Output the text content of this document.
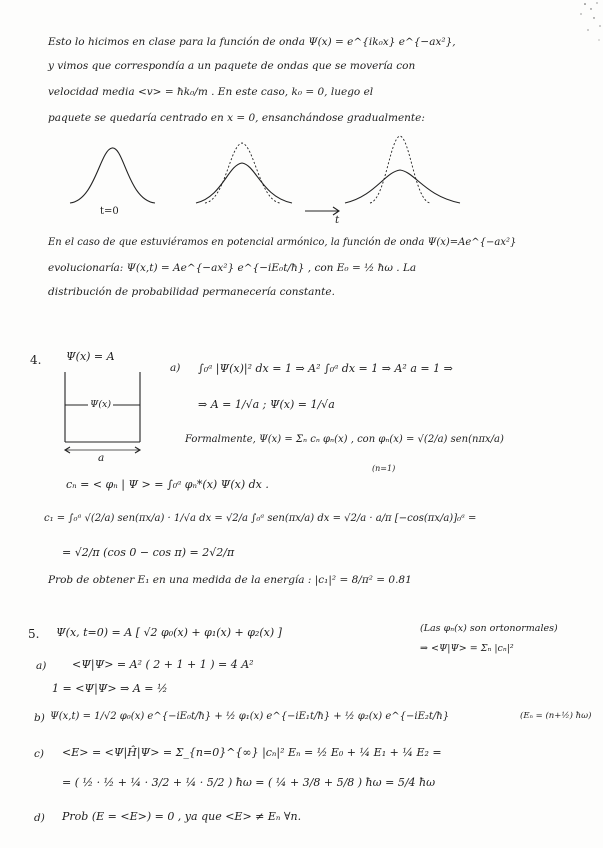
Esto lo hicimos en clase para la función de onda Ψ(x) = e^{ik₀x} e^{−ax²},
y vimos que correspondía a un paquete de ondas que se movería con
velocidad media <v> = ħk₀/m . En este caso, k₀ = 0, luego el
paquete se quedaría centrado en x = 0, ensanchándose gradualmente:
t=0
t
En el caso de que estuviéramos en potencial armónico, la función de onda Ψ(x)=Ae^{−ax²}
evolucionaría: Ψ(x,t) = Ae^{−ax²} e^{−iE₀t/ħ} , con E₀ = ½ ħω . La
distribución de probabilidad permanecería constante.
4. Ψ(x) = A
Ψ(x)
a
a) ∫₀ᵃ |Ψ(x)|² dx = 1 ⇒ A² ∫₀ᵃ dx = 1 ⇒ A² a = 1 ⇒
⇒ A = 1/√a ; Ψ(x) = 1/√a
Formalmente, Ψ(x) = Σₙ cₙ φₙ(x) , con φₙ(x) = √(2/a) sen(nπx/a)
cₙ = < φₙ | Ψ > = ∫₀ᵃ φₙ*(x) Ψ(x) dx .
(n=1)
c₁ = ∫₀ᵃ √(2/a) sen(πx/a) · 1/√a dx = √2/a ∫₀ᵃ sen(πx/a) dx = √2/a · a/π [−cos(πx/a)]₀ᵃ =
= √2/π (cos 0 − cos π) = 2√2/π
Prob de obtener E₁ en una medida de la energía : |c₁|² = 8/π² = 0.81
5. Ψ(x, t=0) = A [ √2 φ₀(x) + φ₁(x) + φ₂(x) ]	(Las φₙ(x) son ortonormales)
⇒ <Ψ|Ψ> = Σₙ |cₙ|²
a) <Ψ|Ψ> = A² ( 2 + 1 + 1 ) = 4 A²
1 = <Ψ|Ψ> ⇒ A = ½
b) Ψ(x,t) = 1/√2 φ₀(x) e^{−iE₀t/ħ} + ½ φ₁(x) e^{−iE₁t/ħ} + ½ φ₂(x) e^{−iE₂t/ħ}	(Eₙ = (n+½) ħω)
c) <E> = <Ψ|Ĥ|Ψ> = Σ_{n=0}^{∞} |cₙ|² Eₙ = ½ E₀ + ¼ E₁ + ¼ E₂ =
= ( ½ · ½ + ¼ · 3/2 + ¼ · 5/2 ) ħω = ( ¼ + 3/8 + 5/8 ) ħω = 5/4 ħω
d) Prob (E = <E>) = 0 , ya que <E> ≠ Eₙ ∀n.
